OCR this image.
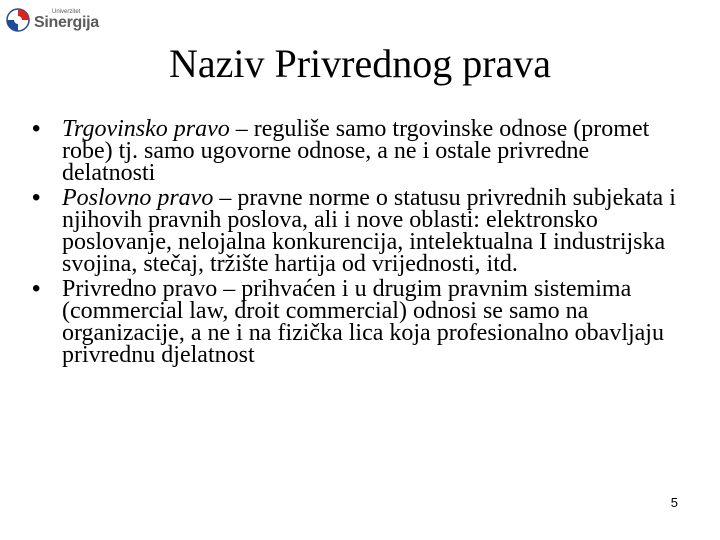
Univerzitet
Sinergija
Naziv Privrednog prava
• Trgovinsko pravo – reguliše samo trgovinske odnose (promet robe) tj. samo ugovorne odnose, a ne i ostale privredne delatnosti
• Poslovno pravo – pravne norme o statusu privrednih subjekata i njihovih pravnih poslova, ali i nove oblasti: elektronsko poslovanje, nelojalna konkurencija, intelektualna I industrijska svojina, stečaj, tržište hartija od vrijednosti, itd.
• Privredno pravo – prihvaćen i u drugim pravnim sistemima (commercial law, droit commercial) odnosi se samo na organizacije, a ne i na fizička lica koja profesionalno obavljaju privrednu djelatnost
5
